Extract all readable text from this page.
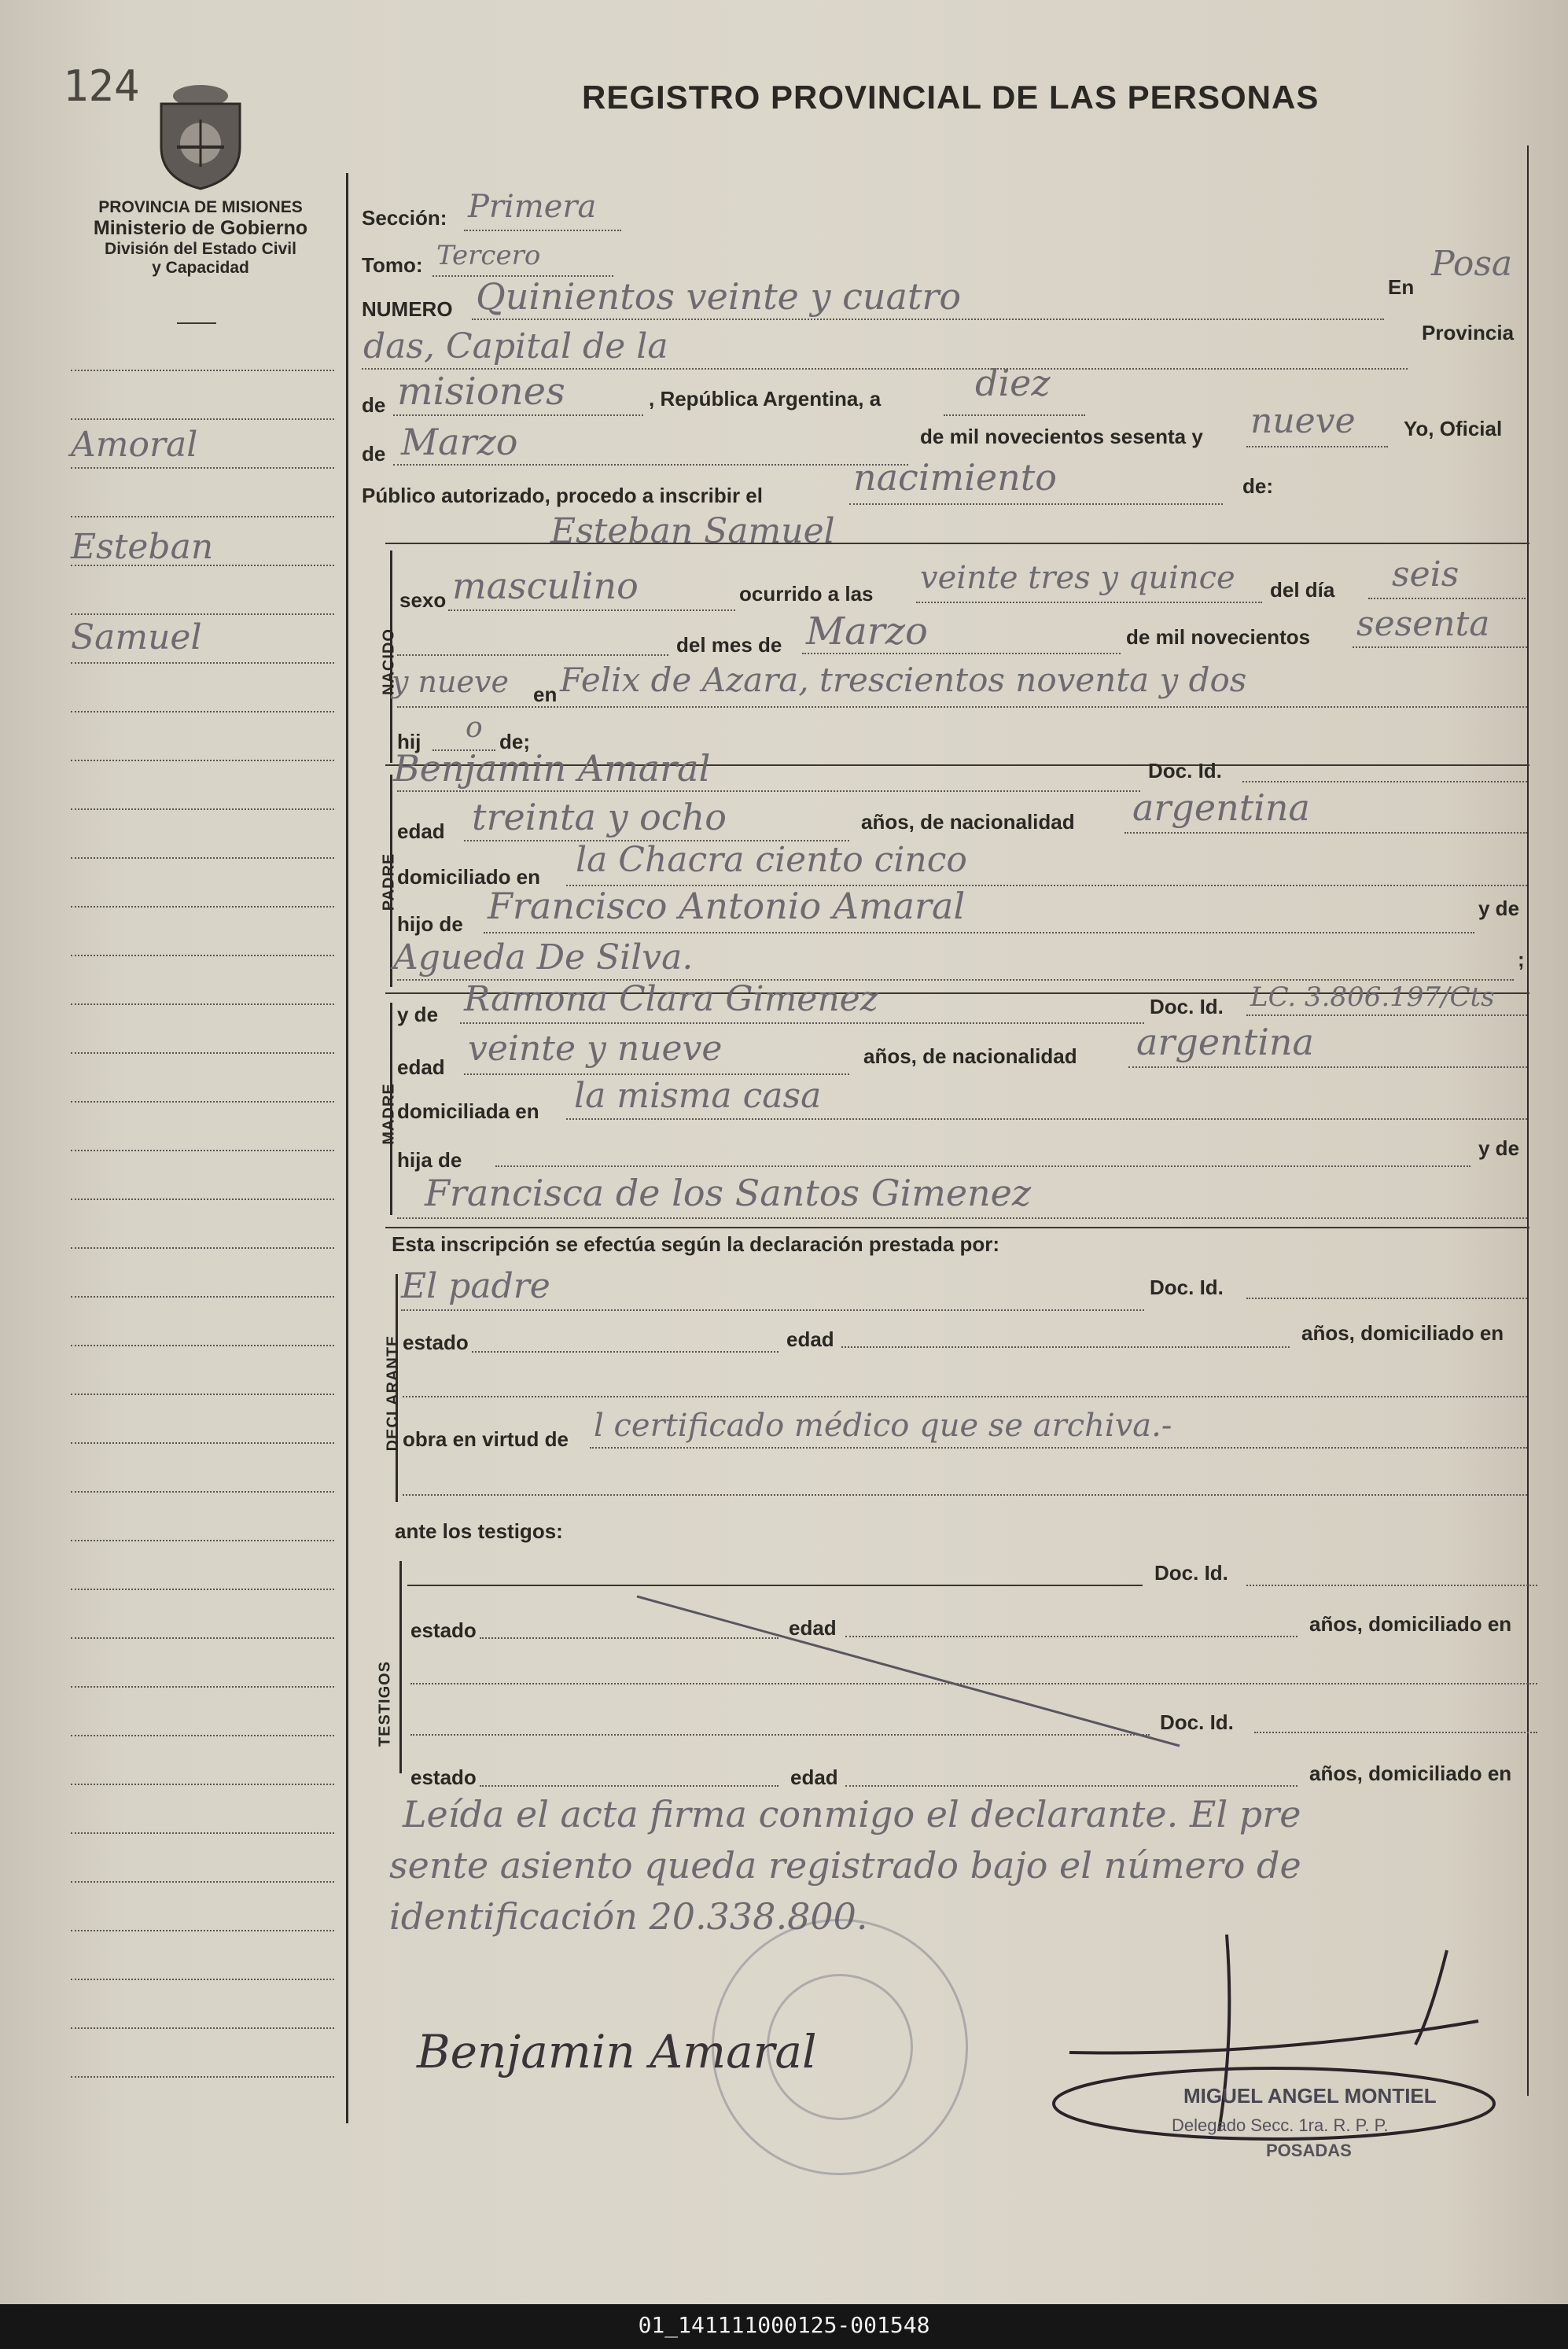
124	REGISTRO PROVINCIAL DE LAS PERSONAS
PROVINCIA DE MISIONES
Ministerio de Gobierno
División del Estado Civil
y Capacidad
Amoral
Esteban
Samuel
Sección: Primera
Tomo: Tercero
NUMERO Quinientos veinte y cuatro	En
Posa
das, Capital de la	Provincia
de misiones	, República Argentina, a	diez
de Marzo	de mil novecientos sesenta y nueve Yo, Oficial
Público autorizado, procedo a inscribir el	nacimiento	de:
Esteban Samuel
NACIDO
sexo masculino	ocurrido a las veinte tres y quince del día seis
del mes de Marzo	de mil novecientos sesenta
y nueve en Felix de Azara, trescientos noventa y dos
hij o de;
PADRE
Benjamin Amaral	Doc. Id.
edad treinta y ocho	años, de nacionalidad argentina
domiciliado en la Chacra ciento cinco
hijo de Francisco Antonio Amaral	y de
Agueda De Silva.	;
MADRE
y de Ramona Clara Gimenez	Doc. Id. LC. 3.806.197/Cts
edad veinte y nueve	años, de nacionalidad argentina
domiciliada en la misma casa
hija de	y de
Francisca de los Santos Gimenez
Esta inscripción se efectúa según la declaración prestada por:
DECLARANTE
El padre	Doc. Id.
estado	edad	años, domiciliado en
obra en virtud de l certificado médico que se archiva.-
ante los testigos:
TESTIGOS
Doc. Id.
estado	edad	años, domiciliado en
Doc. Id.
estado	edad	años, domiciliado en
Leída el acta firma conmigo el declarante. El pre
sente asiento queda registrado bajo el número de
identificación 20.338.800.
Benjamin Amaral
MIGUEL ANGEL MONTIEL
Delegado Secc. 1ra. R. P. P.
POSADAS
01_141111000125-001548
